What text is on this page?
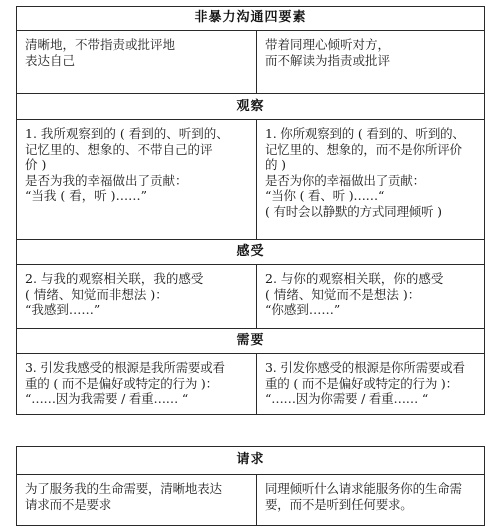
非暴力沟通四要素
清晰地，不带指责或批评地
表达自己
带着同理心倾听对方，
而不解读为指责或批评
观察
1. 我所观察到的 ( 看到的、听到的、
记忆里的、想象的、不带自己的评
价 )
是否为我的幸福做出了贡献：
“当我 ( 看，听 )……”
1. 你所观察到的 ( 看到的、听到的、
记忆里的、想象的，而不是你所评价
的 )
是否为你的幸福做出了贡献：
“当你 ( 看、听 )……“
( 有时会以静默的方式同理倾听 )
感受
2. 与我的观察相关联，我的感受
( 情绪、知觉而非想法 )：
“我感到……”
2. 与你的观察相关联，你的感受
( 情绪、知觉而不是想法 )：
“你感到……”
需要
3. 引发我感受的根源是我所需要或看
重的 ( 而不是偏好或特定的行为 )：
“……因为我需要 / 看重…… “
3. 引发你感受的根源是你所需要或看
重的 ( 而不是偏好或特定的行为 )：
“……因为你需要 / 看重…… “
请求
为了服务我的生命需要，清晰地表达
请求而不是要求
同理倾听什么请求能服务你的生命需
要，而不是听到任何要求。
